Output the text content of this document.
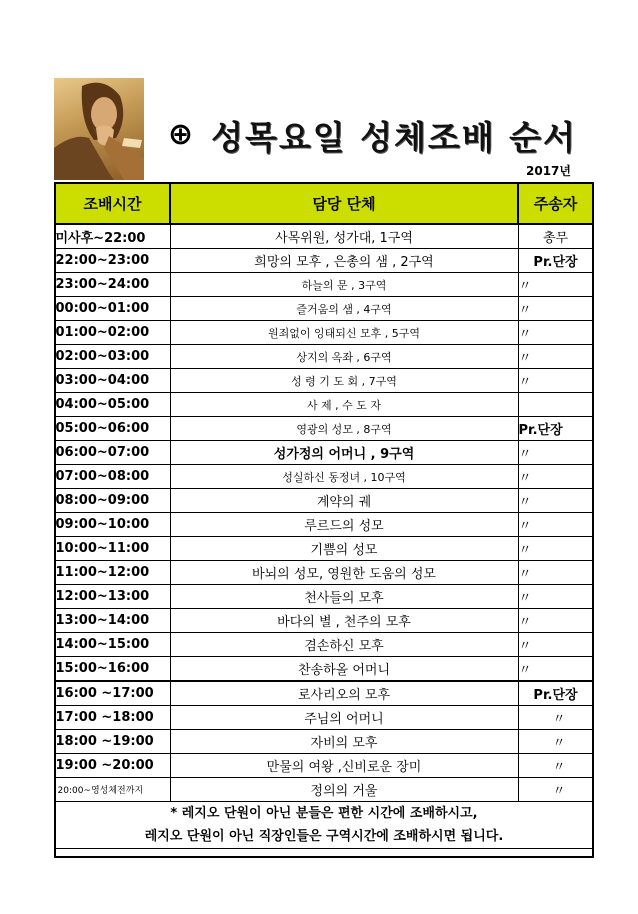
⊕ 성목요일 성체조배 순서
2017년
조배시간	담당 단체	주송자
미사후~22:00	사목위원, 성가대, 1구역	총무
22:00~23:00	희망의 모후 , 은총의 샘 , 2구역	Pr.단장
23:00~24:00	하늘의 문 , 3구역	〃
00:00~01:00	즐거움의 샘 , 4구역	〃
01:00~02:00	원죄없이 잉태되신 모후 , 5구역	〃
02:00~03:00	상지의 옥좌 , 6구역	〃
03:00~04:00	성 령 기 도 회 , 7구역	〃
04:00~05:00	사 제 , 수 도 자	
05:00~06:00	영광의 성모 , 8구역	Pr.단장
06:00~07:00	성가정의 어머니 , 9구역	〃
07:00~08:00	성실하신 동정녀 , 10구역	〃
08:00~09:00	계약의 궤	〃
09:00~10:00	루르드의 성모	〃
10:00~11:00	기쁨의 성모	〃
11:00~12:00	바뇌의 성모, 영원한 도움의 성모	〃
12:00~13:00	천사들의 모후	〃
13:00~14:00	바다의 별 , 천주의 모후	〃
14:00~15:00	겸손하신 모후	〃
15:00~16:00	찬송하올 어머니	〃
16:00 ~17:00	로사리오의 모후	Pr.단장
17:00 ~18:00	주님의 어머니	〃
18:00 ~19:00	자비의 모후	〃
19:00 ~20:00	만물의 여왕 ,신비로운 장미	〃
20:00~영성체전까지	정의의 거울	〃

* 레지오 단원이 아닌 분들은 편한 시간에 조배하시고,
레지오 단원이 아닌 직장인들은 구역시간에 조배하시면 됩니다.		
